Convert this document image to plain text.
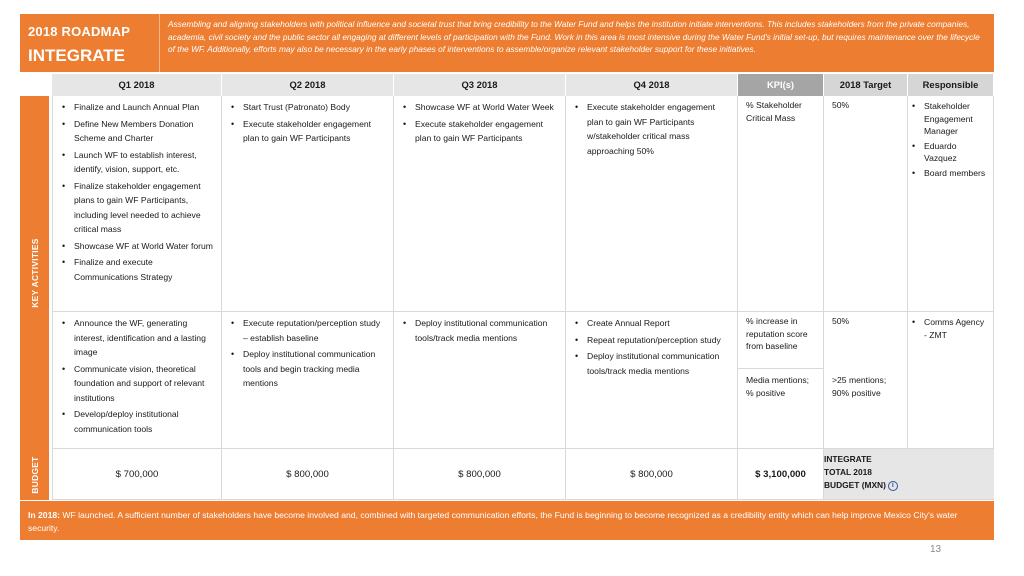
2018 ROADMAP
INTEGRATE
Assembling and aligning stakeholders with political influence and societal trust that bring credibility to the Water Fund and helps the institution initiate interventions. This includes stakeholders from the private companies, academia, civil society and the public sector all engaging at different levels of participation with the Fund. Work in this area is most intensive during the Water Fund's initial set-up, but requires maintenance over the lifecycle of the WF. Additionally, efforts may also be necessary in the early phases of interventions to assemble/organize relevant stakeholder support for these initiatives.
Q1 2018	Q2 2018	Q3 2018	Q4 2018	KPI(s)	2018 Target	Responsible
KEY ACTIVITIES
BUDGET
• Finalize and Launch Annual Plan
• Define New Members Donation Scheme and Charter
• Launch WF to establish interest, identify, vision, support, etc.
• Finalize stakeholder engagement plans to gain WF Participants, including level needed to achieve critical mass
• Showcase WF at World Water forum
• Finalize and execute Communications Strategy
• Start Trust (Patronato) Body
• Execute stakeholder engagement plan to gain WF Participants
• Showcase WF at World Water Week
• Execute stakeholder engagement plan to gain WF Participants
• Execute stakeholder engagement plan to gain WF Participants w/stakeholder critical mass approaching 50%
% Stakeholder Critical Mass
50%
•	Stakeholder Engagement Manager
• Eduardo Vazquez
• Board members
• Announce the WF, generating interest, identification and a lasting image
• Communicate vision, theoretical foundation and support of relevant institutions
• Develop/deploy institutional communication tools
• Execute reputation/perception study – establish baseline
• Deploy institutional communication tools and begin tracking media mentions
• Deploy institutional communication tools/track media mentions
• Create Annual Report
• Repeat reputation/perception study
• Deploy institutional communication tools/track media mentions
% increase in reputation score from baseline
Media mentions; % positive
50%
>25 mentions; 90% positive
• Comms Agency - ZMT
$ 700,000	$ 800,000	$ 800,000	$ 800,000	$ 3,100,000
INTEGRATE
TOTAL 2018
BUDGET (MXN) i
In 2018: WF launched. A sufficient number of stakeholders have become involved and, combined with targeted communication efforts, the Fund is beginning to become recognized as a credibility entity which can help improve Mexico City's water security.
13
